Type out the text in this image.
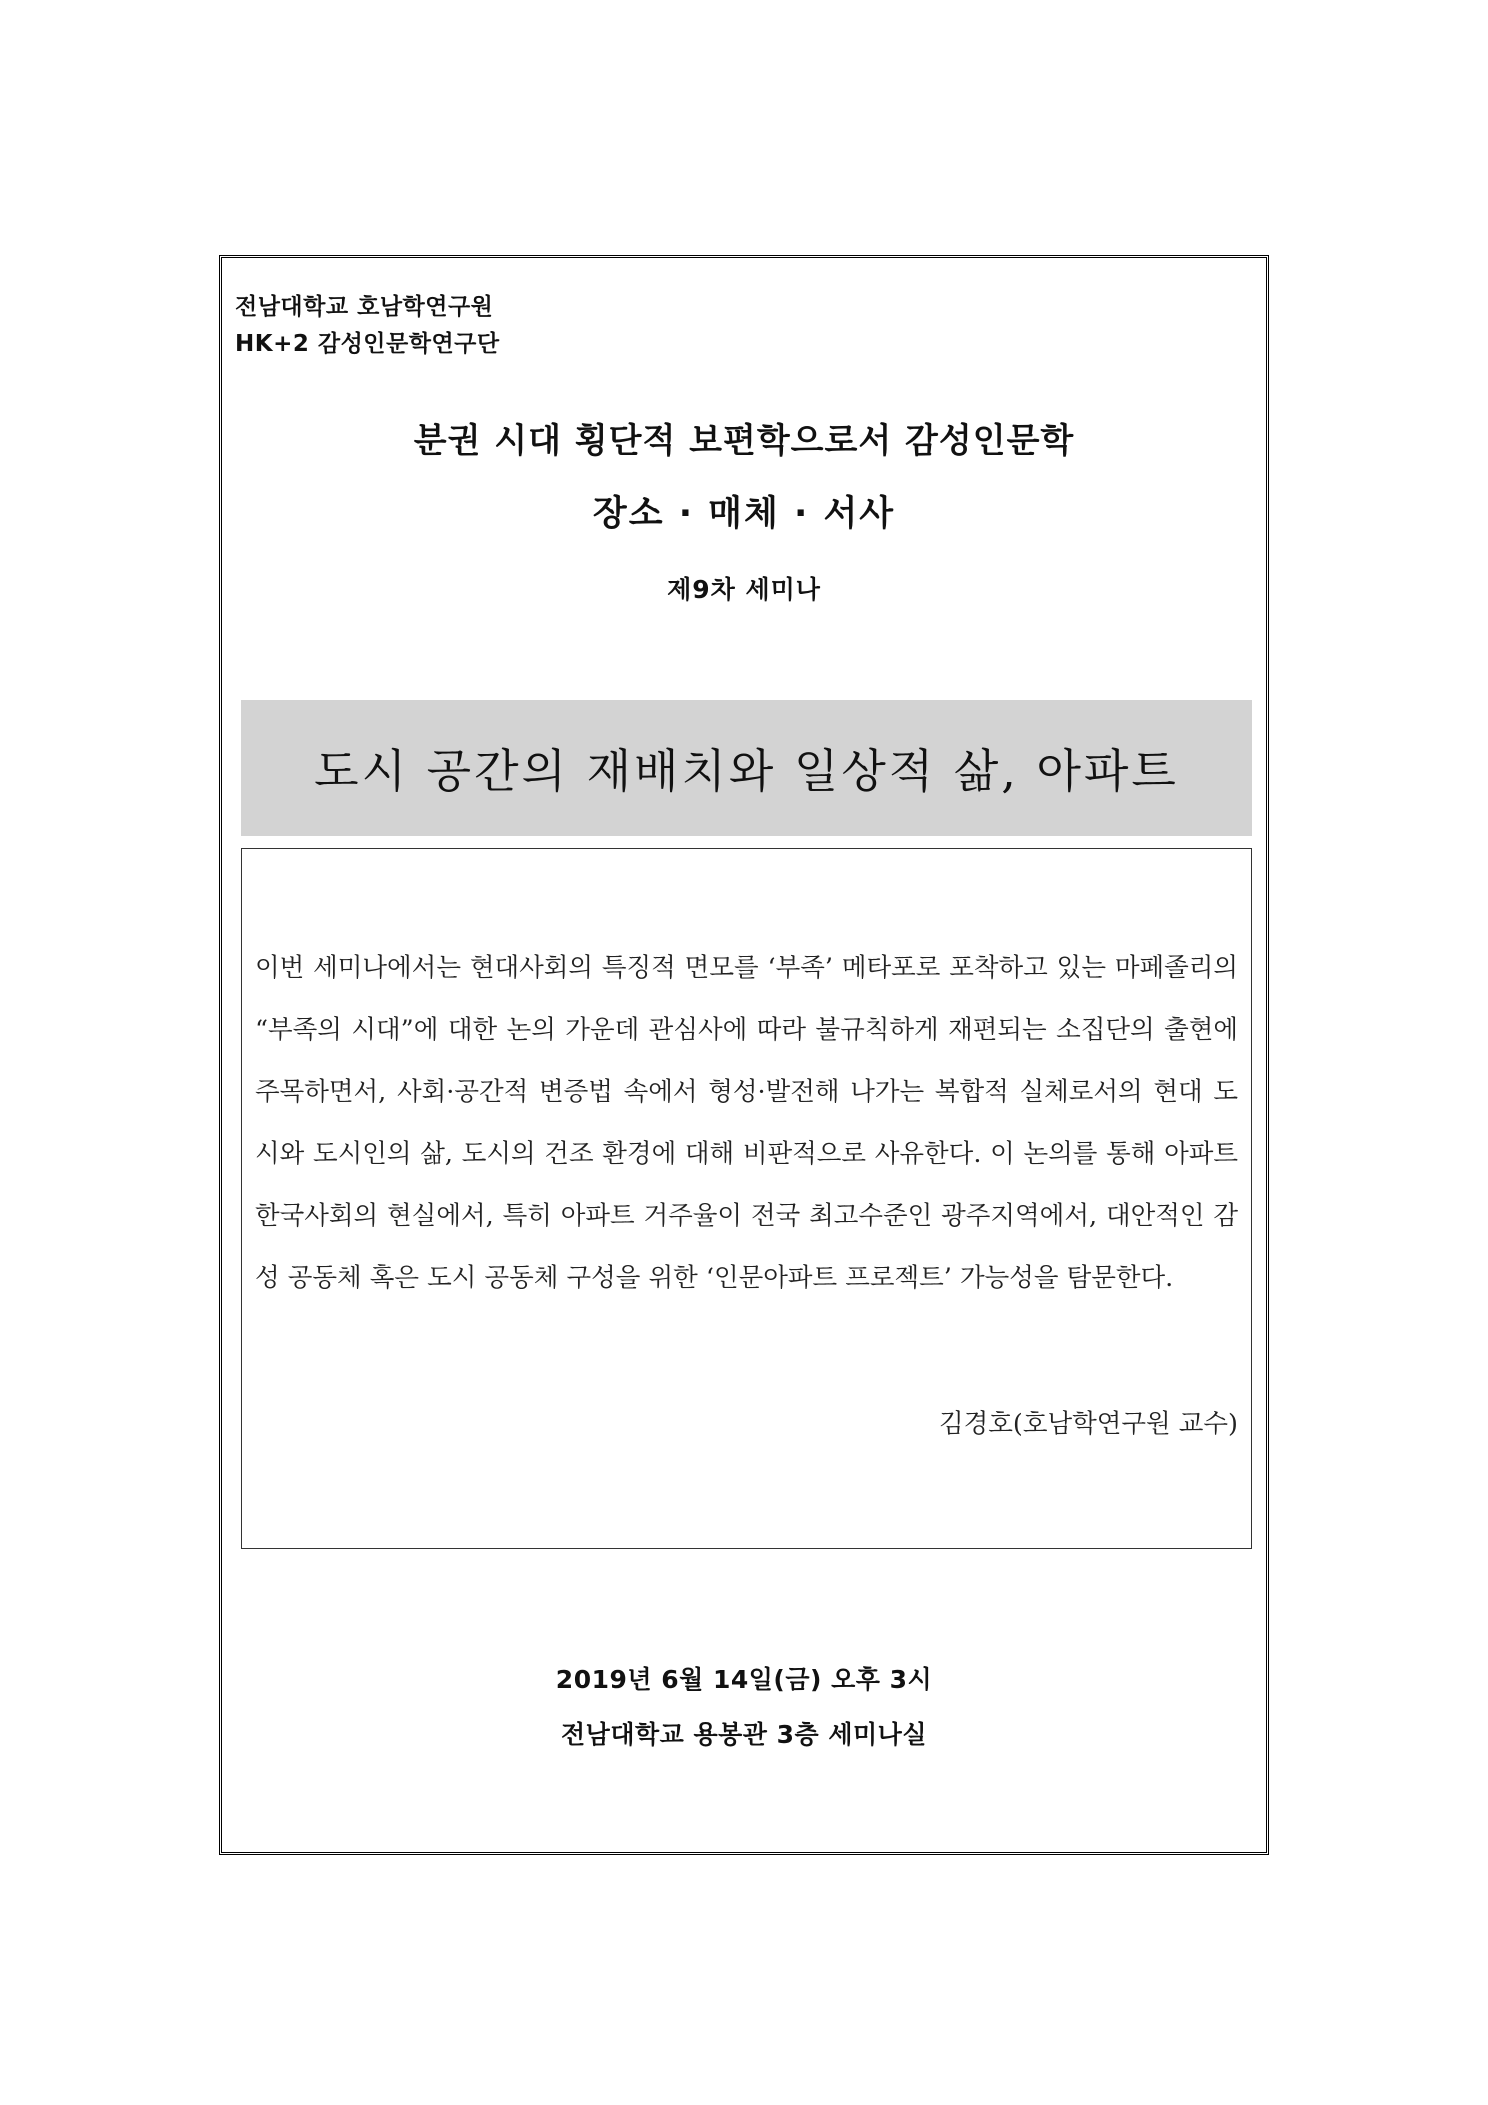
전남대학교 호남학연구원
HK+2 감성인문학연구단
분권 시대 횡단적 보편학으로서 감성인문학
장소 · 매체 · 서사
제9차 세미나
도시 공간의 재배치와 일상적 삶, 아파트

이번 세미나에서는 현대사회의 특징적 면모를 ‘부족’ 메타포로 포착하고 있는 마페졸리의 “부족의 시대”에 대한 논의 가운데 관심사에 따라 불규칙하게 재편되는 소집단의 출현에 주목하면서, 사회·공간적 변증법 속에서 형성·발전해 나가는 복합적 실체로서의 현대 도시와 도시인의 삶, 도시의 건조 환경에 대해 비판적으로 사유한다. 이 논의를 통해 아파트 한국사회의 현실에서, 특히 아파트 거주율이 전국 최고수준인 광주지역에서, 대안적인 감성 공동체 혹은 도시 공동체 구성을 위한 ‘인문아파트 프로젝트’ 가능성을 탐문한다.

김경호(호남학연구원 교수)
2019년 6월 14일(금) 오후 3시
전남대학교 용봉관 3층 세미나실
